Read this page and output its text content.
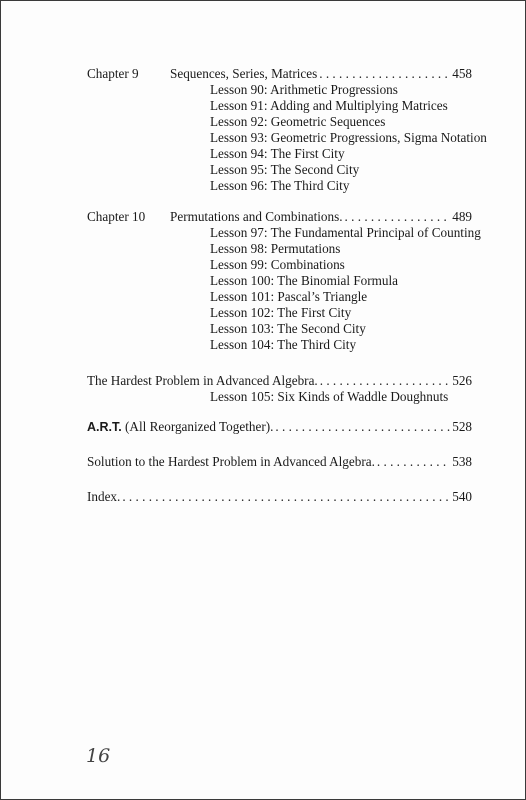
Chapter 9 Sequences, Series, Matrices . . .	458
Lesson 90: Arithmetic Progressions
Lesson 91: Adding and Multiplying Matrices
Lesson 92: Geometric Sequences
Lesson 93: Geometric Progressions, Sigma Notation
Lesson 94: The First City
Lesson 95: The Second City
Lesson 96: The Third City
Chapter 10 Permutations and Combinations. . . .	489
Lesson 97: The Fundamental Principal of Counting
Lesson 98: Permutations
Lesson 99: Combinations
Lesson 100: The Binomial Formula
Lesson 101: Pascal’s Triangle
Lesson 102: The First City
Lesson 103: The Second City
Lesson 104: The Third City
The Hardest Problem in Advanced Algebra. . . .	526
Lesson 105: Six Kinds of Waddle Doughnuts
A.R.T. (All Reorganized Together). . . .	528
Solution to the Hardest Problem in Advanced Algebra. . . .	538
Index. . . .	540
16
